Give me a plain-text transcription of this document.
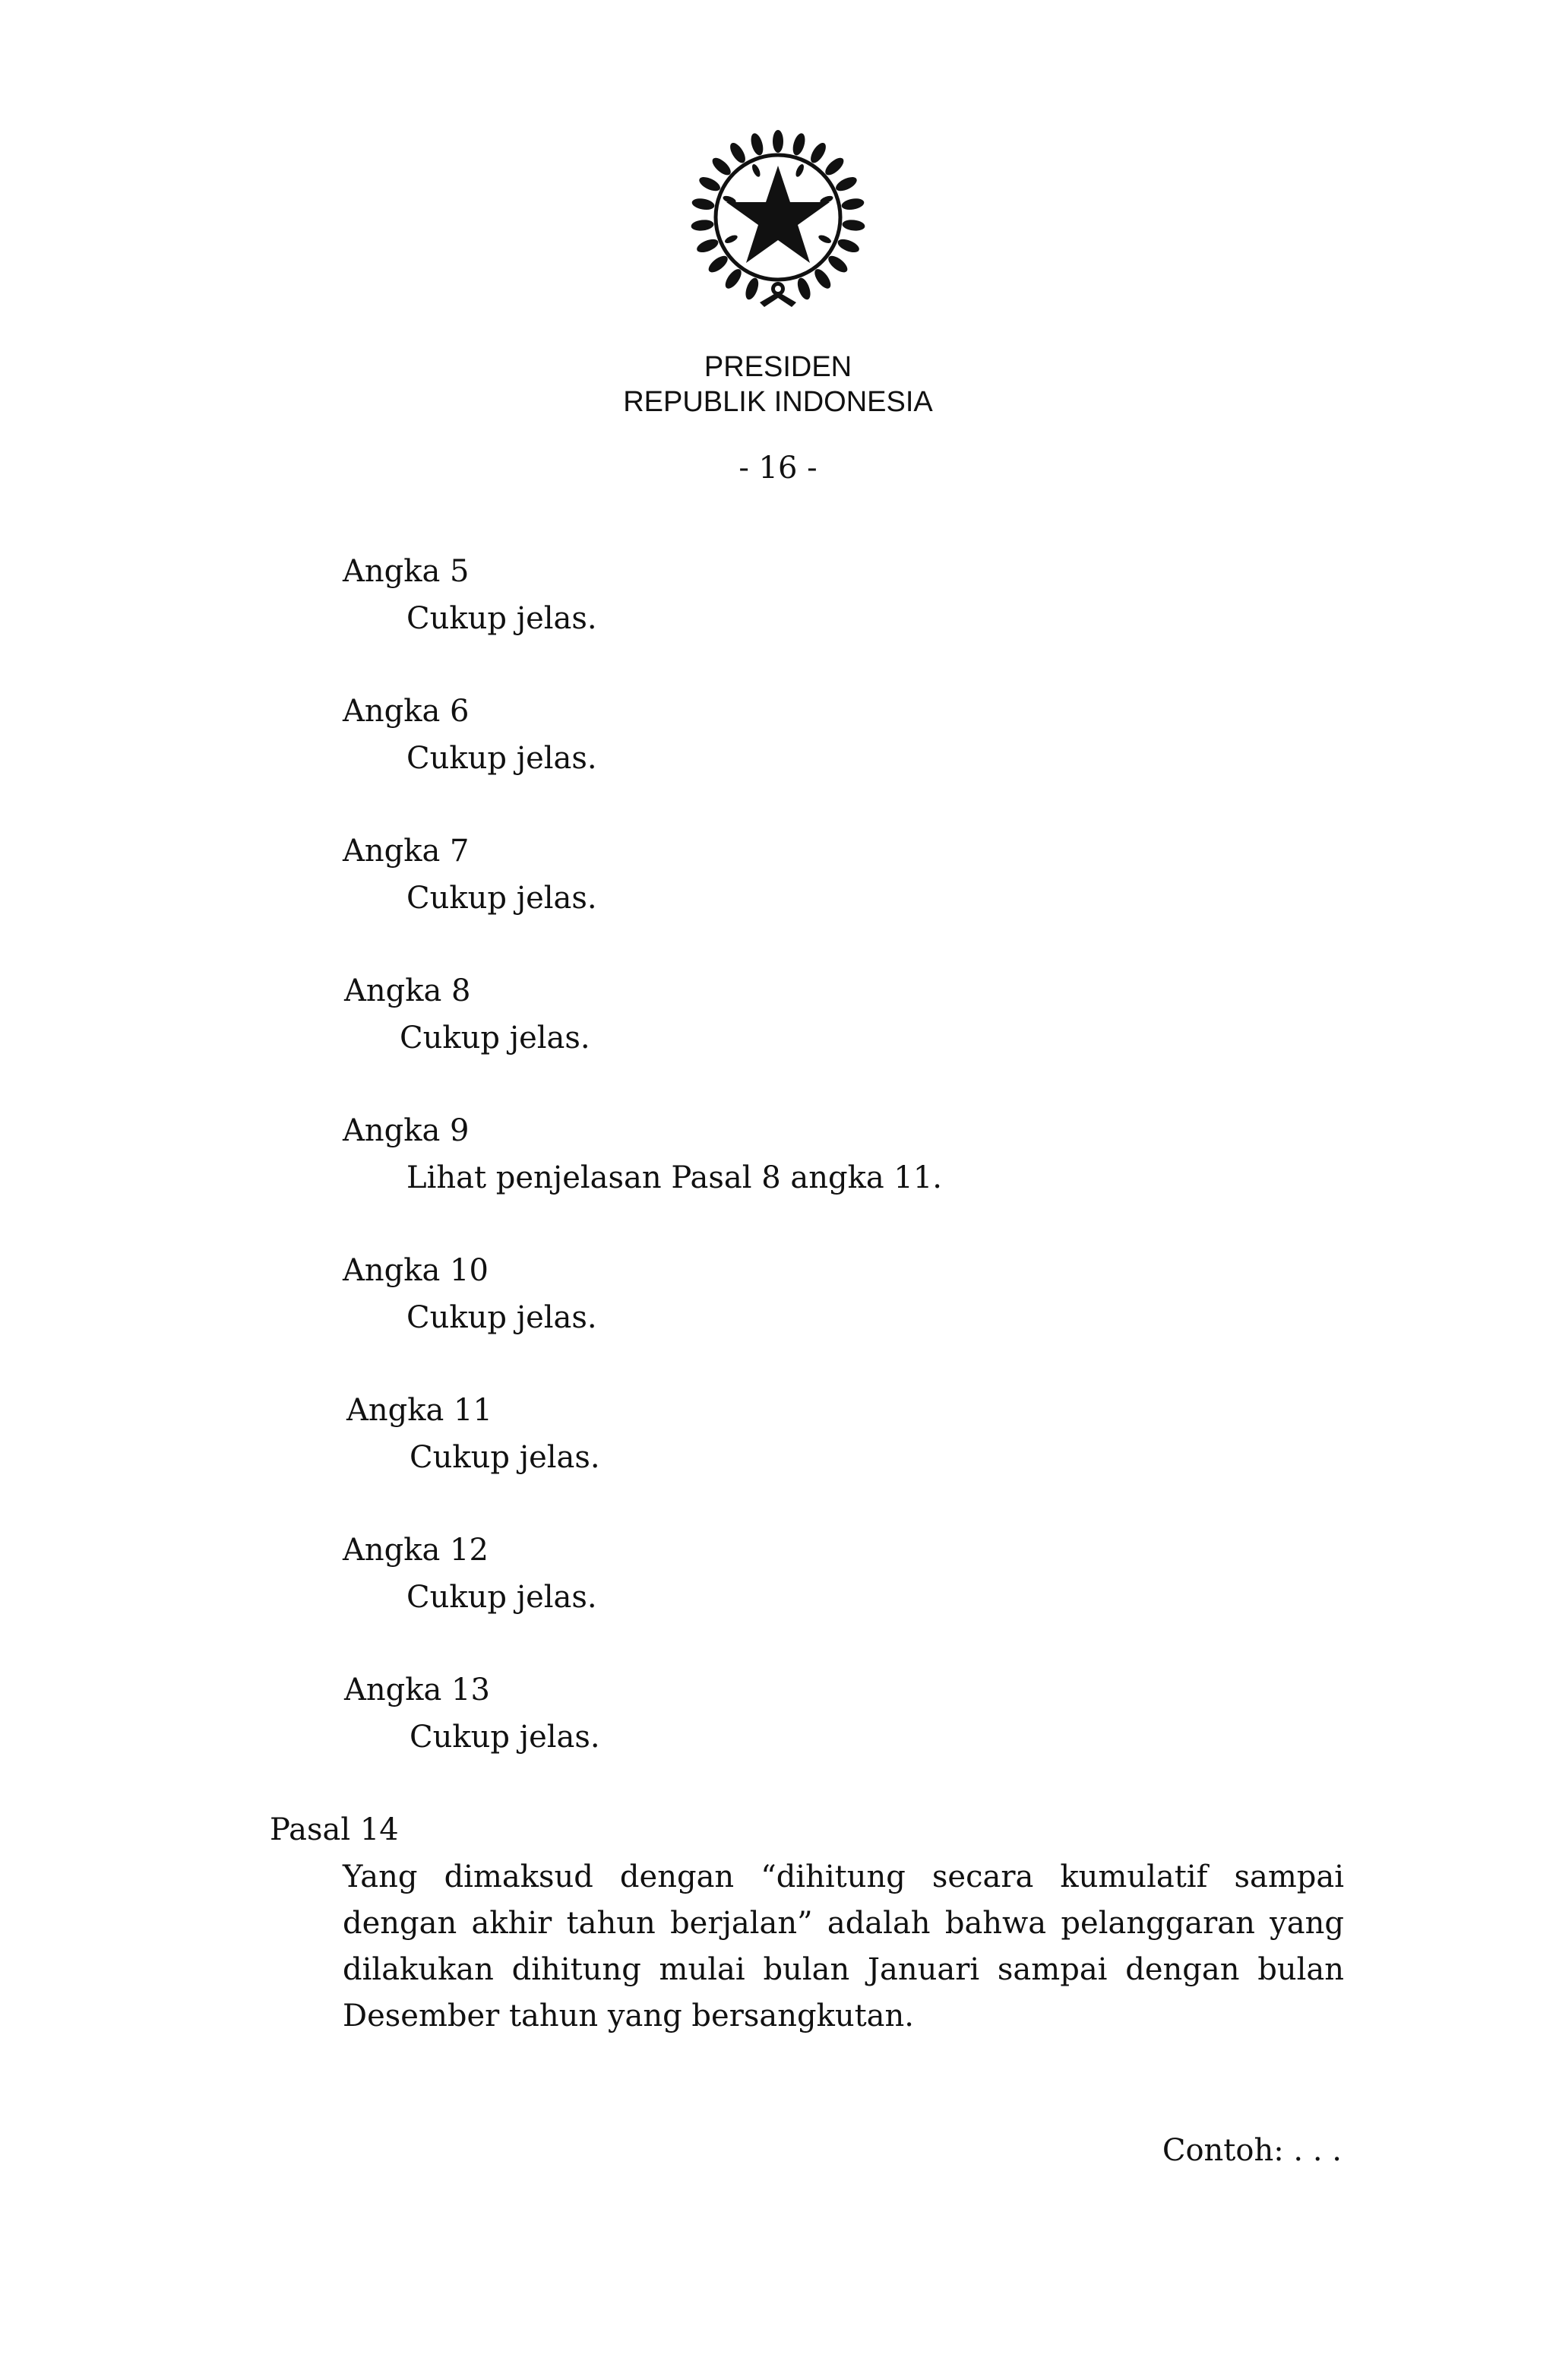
PRESIDEN
REPUBLIK INDONESIA
- 16 -
Angka 5
Cukup jelas.
Angka 6
Cukup jelas.
Angka 7
Cukup jelas.
Angka 8
Cukup jelas.
Angka 9
Lihat penjelasan Pasal 8 angka 11.
Angka 10
Cukup jelas.
Angka 11
Cukup jelas.
Angka 12
Cukup jelas.
Angka 13
Cukup jelas.
Pasal 14
Yang dimaksud dengan “dihitung secara kumulatif sampai dengan akhir tahun berjalan” adalah bahwa pelanggaran yang dilakukan dihitung mulai bulan Januari sampai dengan bulan Desember tahun yang bersangkutan.
Contoh: . . .
